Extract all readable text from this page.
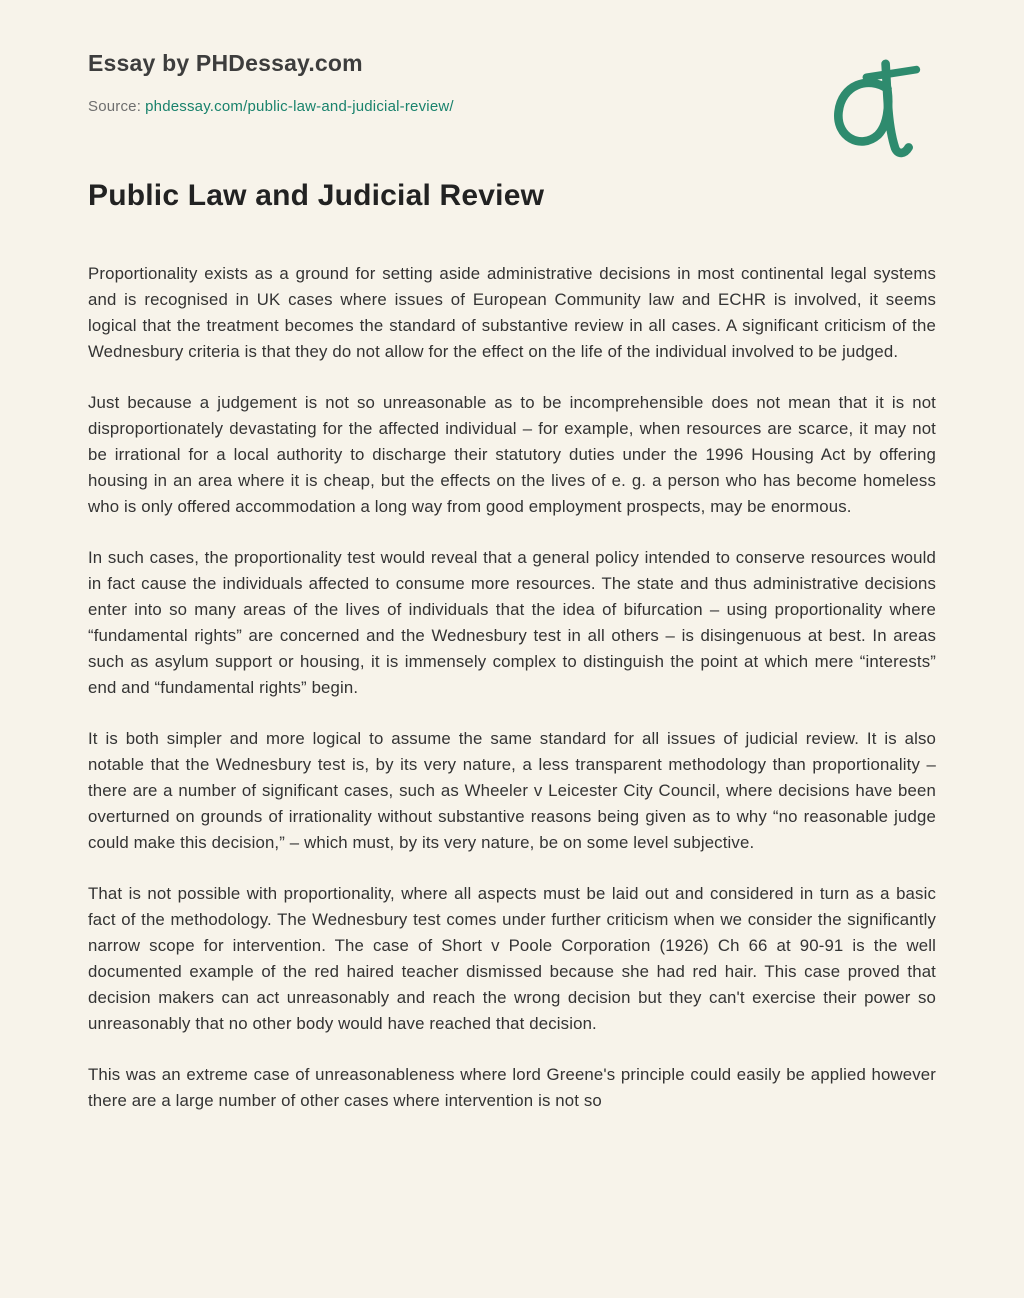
Essay by PHDessay.com
Source: phdessay.com/public-law-and-judicial-review/
Public Law and Judicial Review

Proportionality exists as a ground for setting aside administrative decisions in most continental legal systems and is recognised in UK cases where issues of European Community law and ECHR is involved, it seems logical that the treatment becomes the standard of substantive review in all cases. A significant criticism of the Wednesbury criteria is that they do not allow for the effect on the life of the individual involved to be judged.

Just because a judgement is not so unreasonable as to be incomprehensible does not mean that it is not disproportionately devastating for the affected individual – for example, when resources are scarce, it may not be irrational for a local authority to discharge their statutory duties under the 1996 Housing Act by offering housing in an area where it is cheap, but the effects on the lives of e. g. a person who has become homeless who is only offered accommodation a long way from good employment prospects, may be enormous.

In such cases, the proportionality test would reveal that a general policy intended to conserve resources would in fact cause the individuals affected to consume more resources. The state and thus administrative decisions enter into so many areas of the lives of individuals that the idea of bifurcation – using proportionality where “fundamental rights” are concerned and the Wednesbury test in all others – is disingenuous at best. In areas such as asylum support or housing, it is immensely complex to distinguish the point at which mere “interests” end and “fundamental rights” begin.

It is both simpler and more logical to assume the same standard for all issues of judicial review. It is also notable that the Wednesbury test is, by its very nature, a less transparent methodology than proportionality – there are a number of significant cases, such as Wheeler v Leicester City Council, where decisions have been overturned on grounds of irrationality without substantive reasons being given as to why “no reasonable judge could make this decision,” – which must, by its very nature, be on some level subjective.

That is not possible with proportionality, where all aspects must be laid out and considered in turn as a basic fact of the methodology. The Wednesbury test comes under further criticism when we consider the significantly narrow scope for intervention. The case of Short v Poole Corporation (1926) Ch 66 at 90-91 is the well documented example of the red haired teacher dismissed because she had red hair. This case proved that decision makers can act unreasonably and reach the wrong decision but they can't exercise their power so unreasonably that no other body would have reached that decision.

This was an extreme case of unreasonableness where lord Greene's principle could easily be applied however there are a large number of other cases where intervention is not so
